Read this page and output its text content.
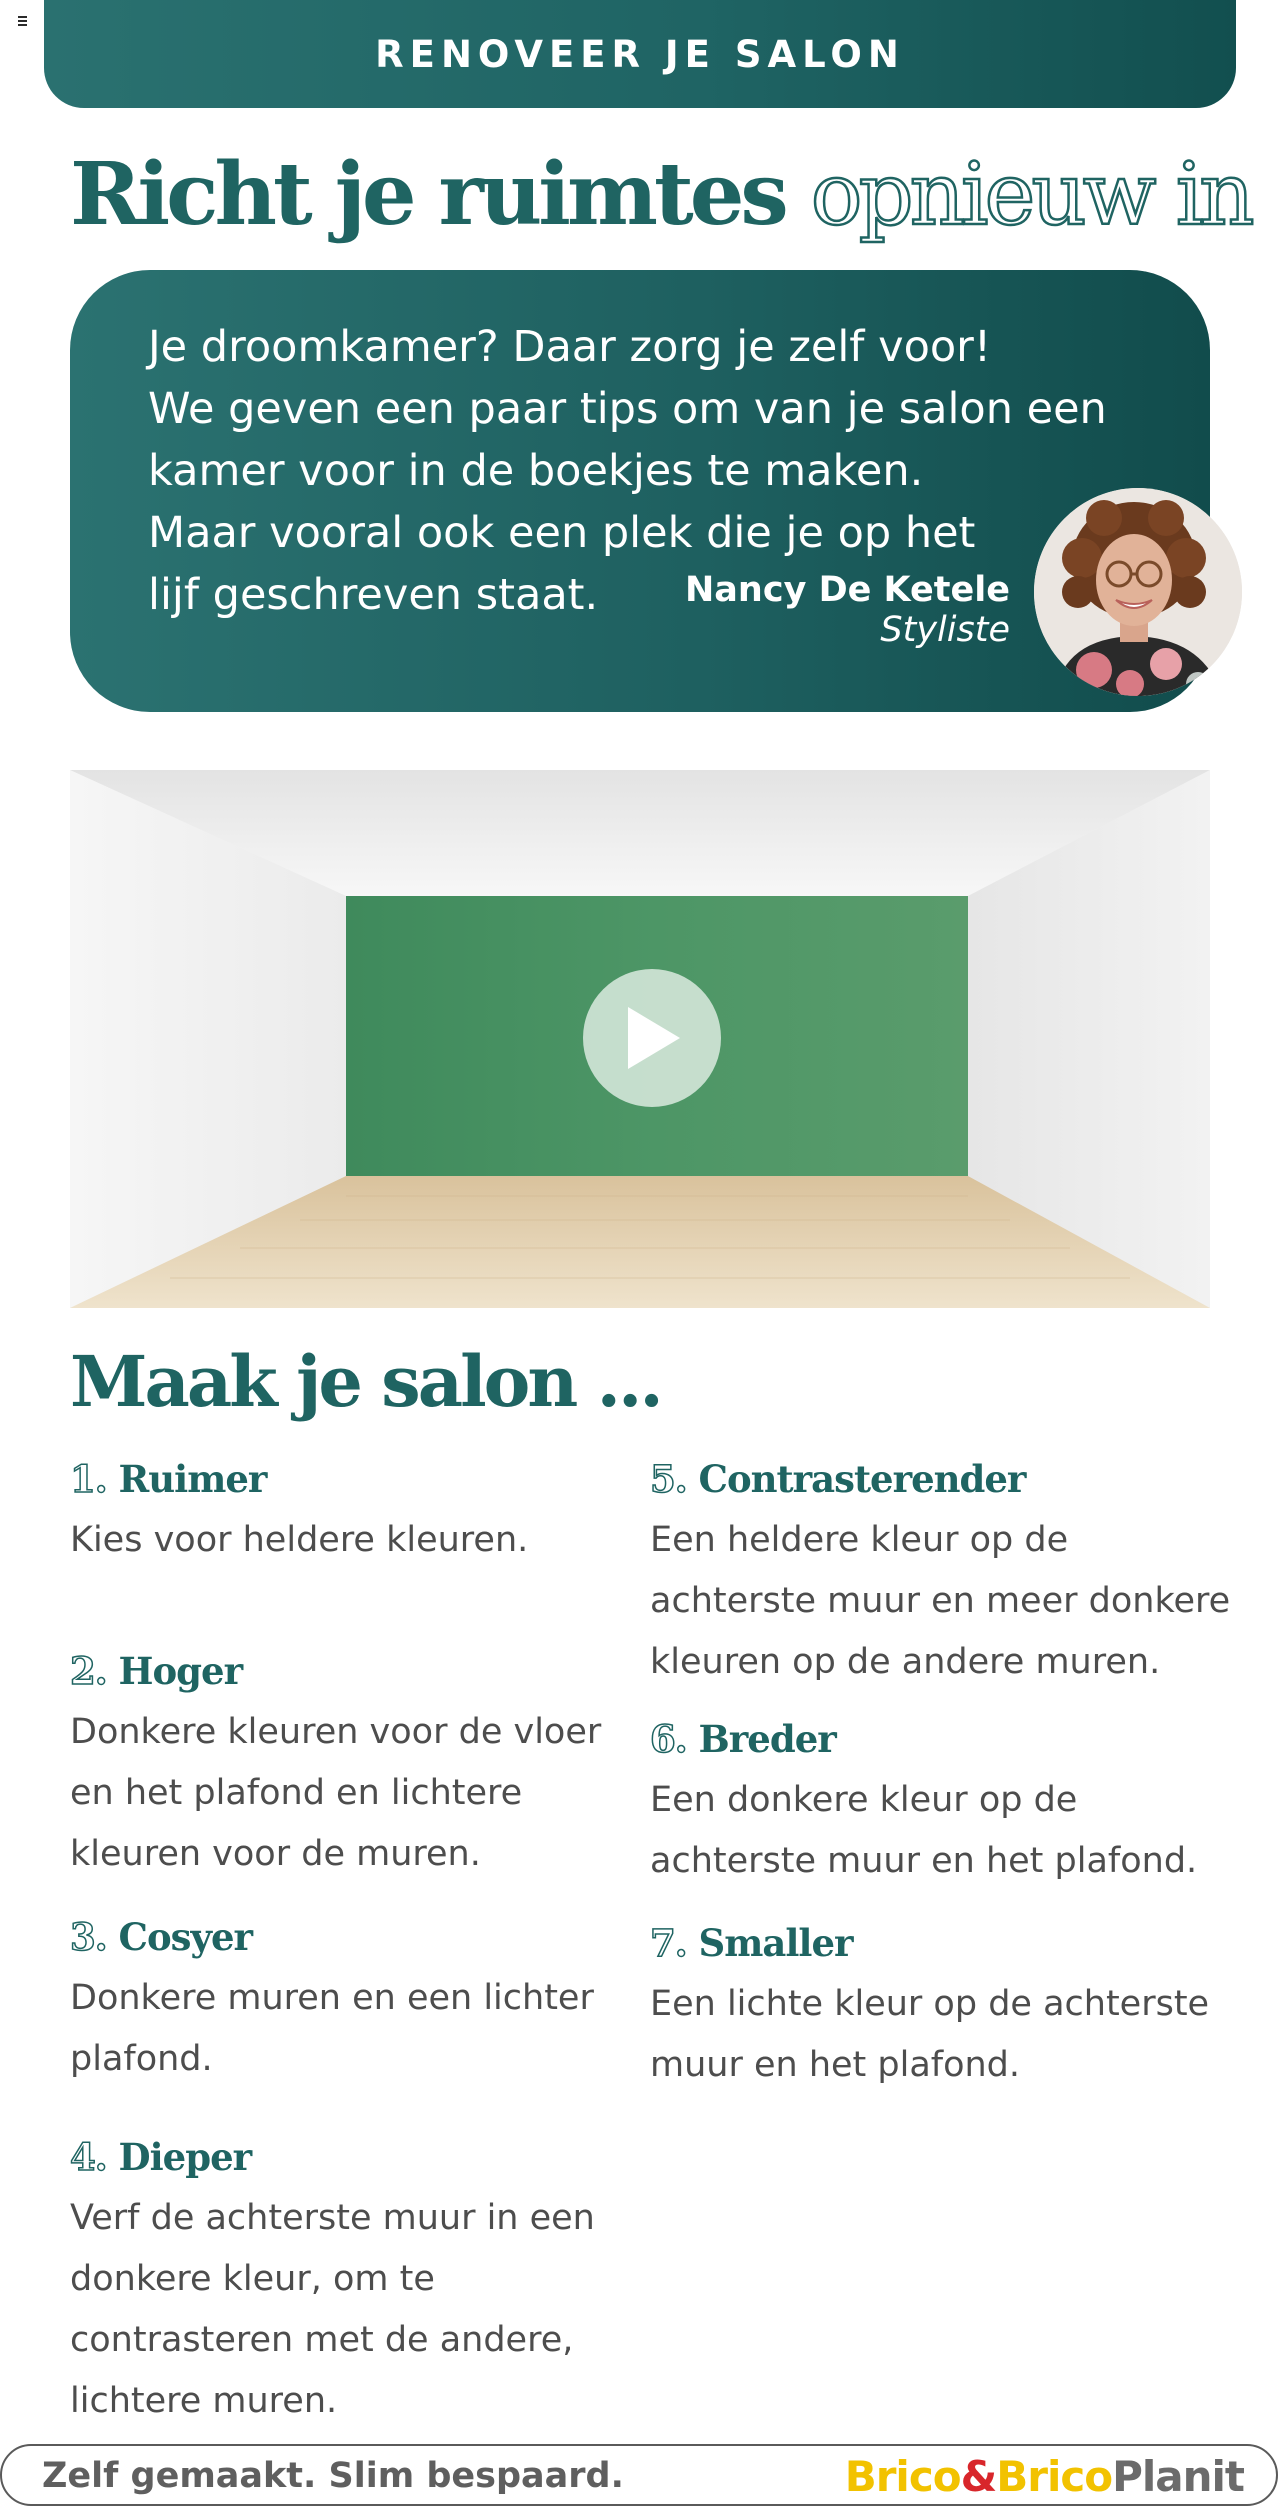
RENOVEER JE SALON
Richt je ruimtes opnieuw in

Je droomkamer? Daar zorg je zelf voor!
We geven een paar tips om van je salon een
kamer voor in de boekjes te maken.
Maar vooral ook een plek die je op het
lijf geschreven staat.	Nancy De Ketele
Styliste
Maak je salon ...
1. Ruimer

Kies voor heldere kleuren.

2. Hoger

Donkere kleuren voor de vloer en het plafond en lichtere kleuren voor de muren.

3. Cosyer

Donkere muren en een lichter plafond.

4. Dieper

Verf de achterste muur in een donkere kleur, om te contrasteren met de andere, lichtere muren.

5. Contrasterender

Een heldere kleur op de achterste muur en meer donkere kleuren op de andere muren.

6. Breder

Een donkere kleur op de achterste muur en het plafond.

7. Smaller

Een lichte kleur op de achterste muur en het plafond.

Zelf gemaakt. Slim bespaard.	Brico&BricoPlanit
